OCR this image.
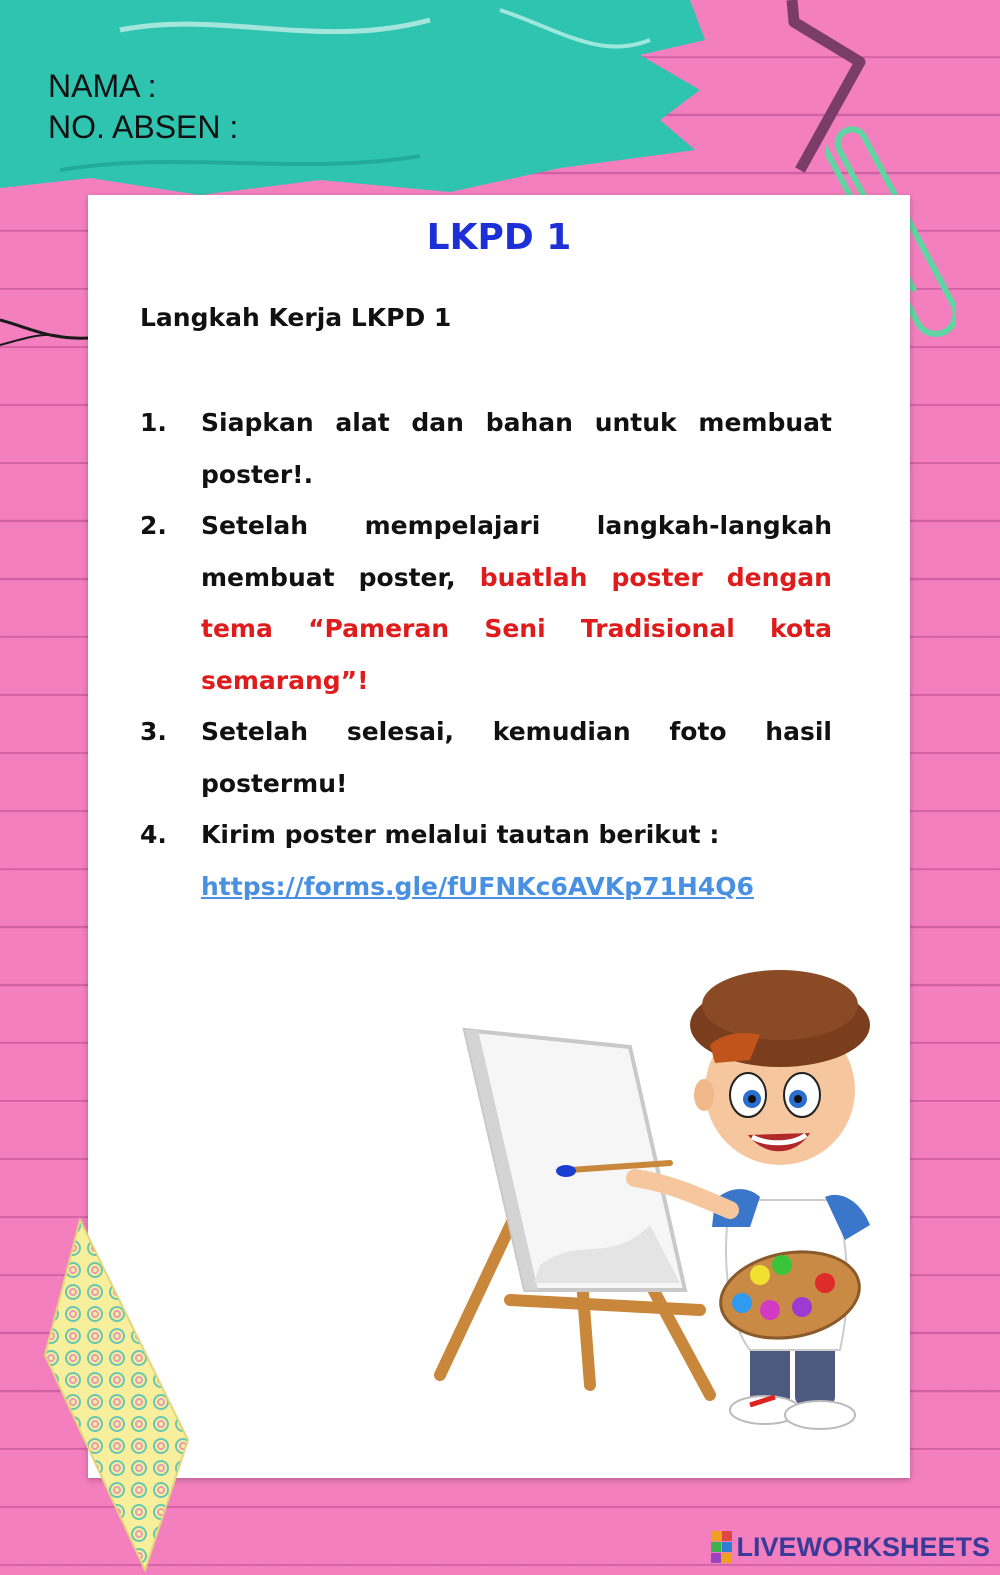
NAMA :
NO. ABSEN :
LKPD 1
Langkah Kerja LKPD 1
1. Siapkan alat dan bahan untuk membuat poster!.
2. Setelah mempelajari langkah-langkah membuat poster, buatlah poster dengan tema “Pameran Seni Tradisional kota semarang”!
3. Setelah selesai, kemudian foto hasil postermu!
4. Kirim poster melalui tautan berikut :
https://forms.gle/fUFNKc6AVKp71H4Q6
LIVEWORKSHEETS
